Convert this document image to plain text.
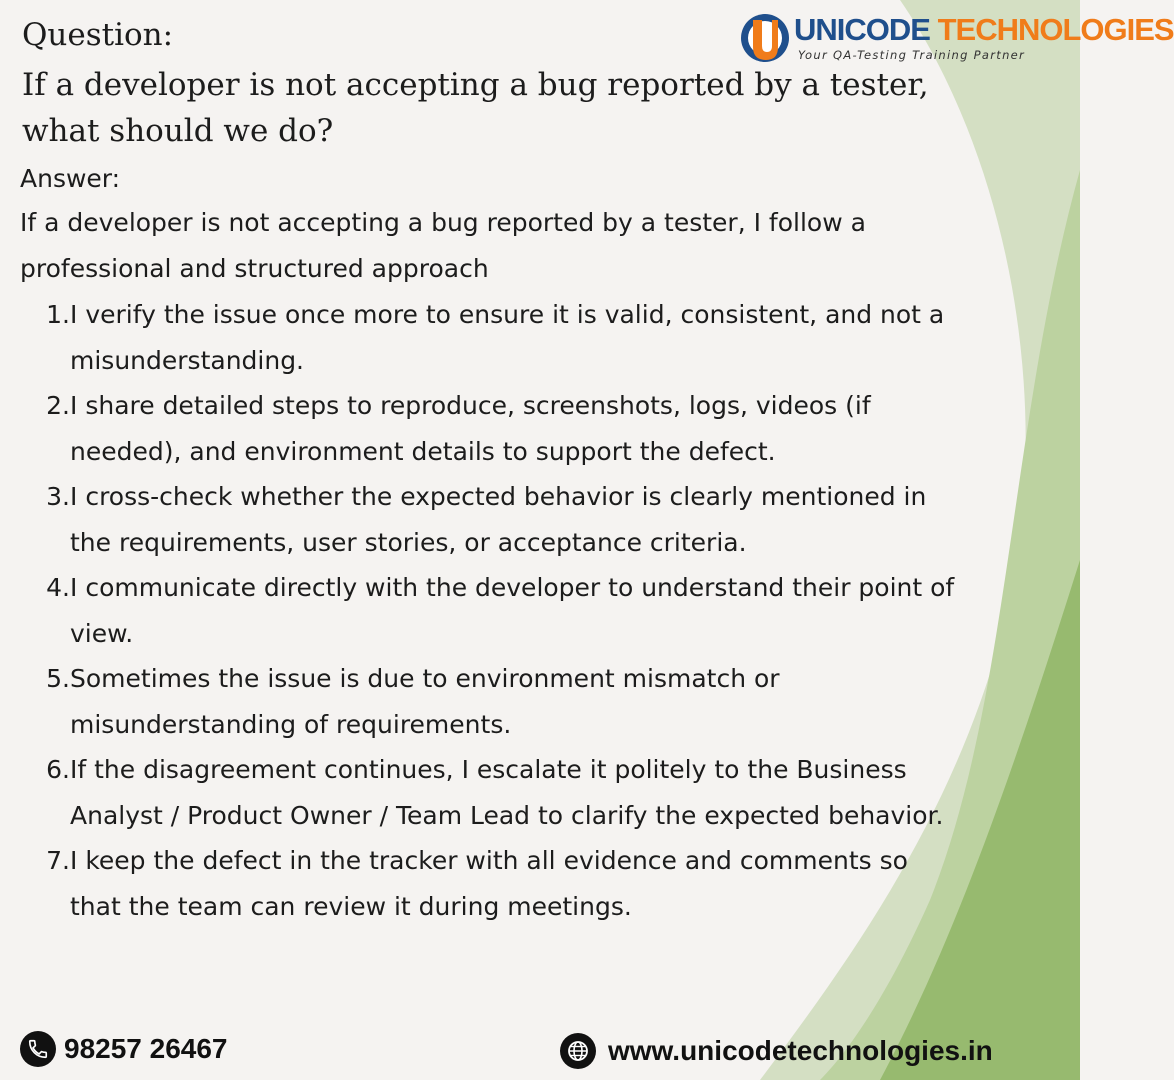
UNICODE TECHNOLOGIES
Your QA-Testing Training Partner
Question:
If a developer is not accepting a bug reported by a tester, what should we do?
Answer:
If a developer is not accepting a bug reported by a tester, I follow a professional and structured approach
1. I verify the issue once more to ensure it is valid, consistent, and not a misunderstanding.
2. I share detailed steps to reproduce, screenshots, logs, videos (if needed), and environment details to support the defect.
3. I cross-check whether the expected behavior is clearly mentioned in the requirements, user stories, or acceptance criteria.
4. I communicate directly with the developer to understand their point of view.
5. Sometimes the issue is due to environment mismatch or misunderstanding of requirements.
6. If the disagreement continues, I escalate it politely to the Business Analyst / Product Owner / Team Lead to clarify the expected behavior.
7. I keep the defect in the tracker with all evidence and comments so that the team can review it during meetings.
98257 26467	www.unicodetechnologies.in
